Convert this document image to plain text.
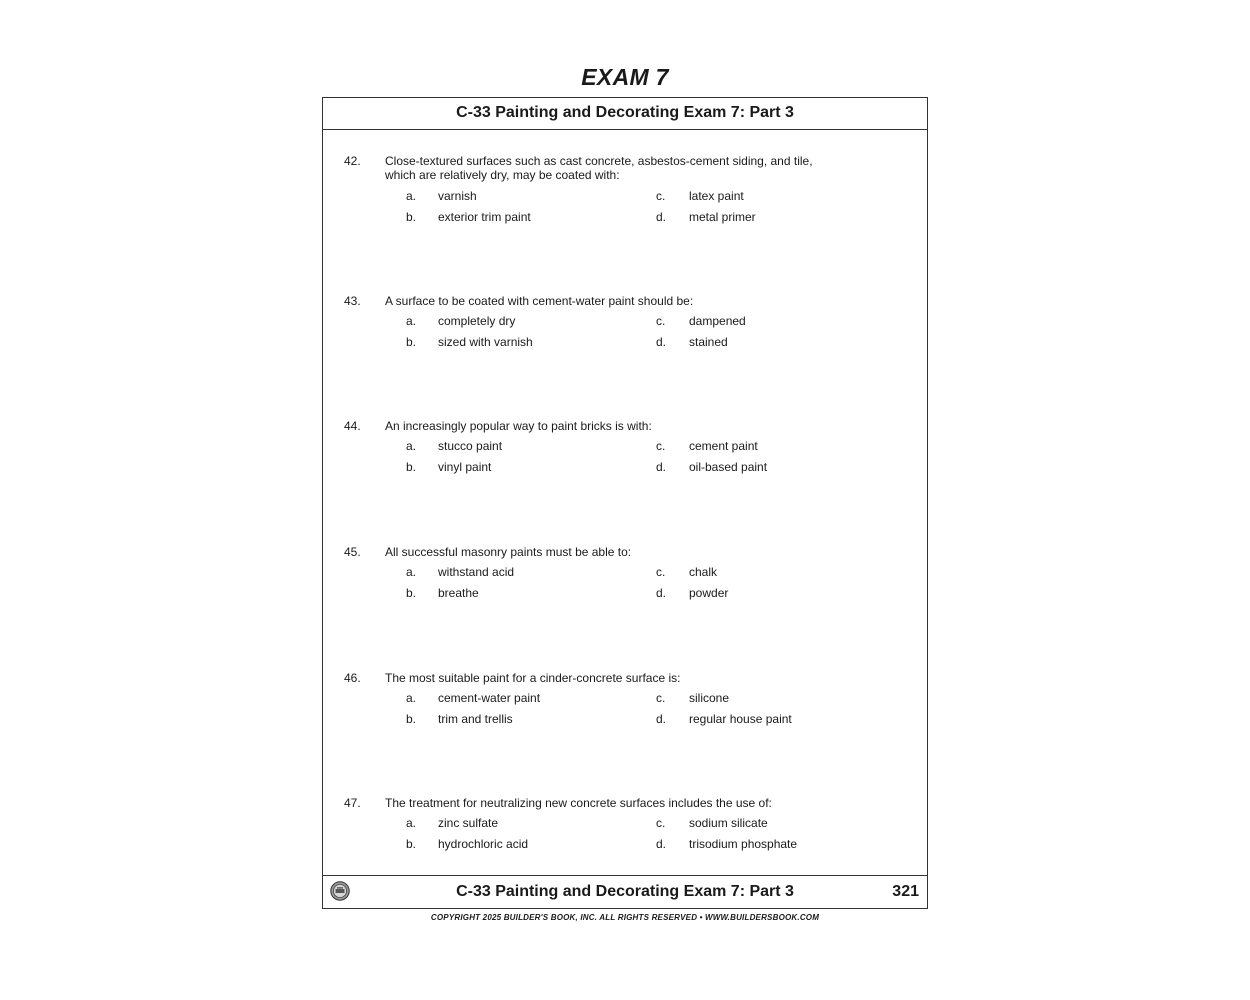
EXAM 7
C-33 Painting and Decorating Exam 7: Part 3
42. Close-textured surfaces such as cast concrete, asbestos-cement siding, and tile, which are relatively dry, may be coated with:
a. varnish
b. exterior trim paint
c. latex paint
d. metal primer
43. A surface to be coated with cement-water paint should be:
a. completely dry
b. sized with varnish
c. dampened
d. stained
44. An increasingly popular way to paint bricks is with:
a. stucco paint
b. vinyl paint
c. cement paint
d. oil-based paint
45. All successful masonry paints must be able to:
a. withstand acid
b. breathe
c. chalk
d. powder
46. The most suitable paint for a cinder-concrete surface is:
a. cement-water paint
b. trim and trellis
c. silicone
d. regular house paint
47. The treatment for neutralizing new concrete surfaces includes the use of:
a. zinc sulfate
b. hydrochloric acid
c. sodium silicate
d. trisodium phosphate
C-33 Painting and Decorating Exam 7: Part 3	321
COPYRIGHT 2025 BUILDER'S BOOK, INC. ALL RIGHTS RESERVED • WWW.BUILDERSBOOK.COM
